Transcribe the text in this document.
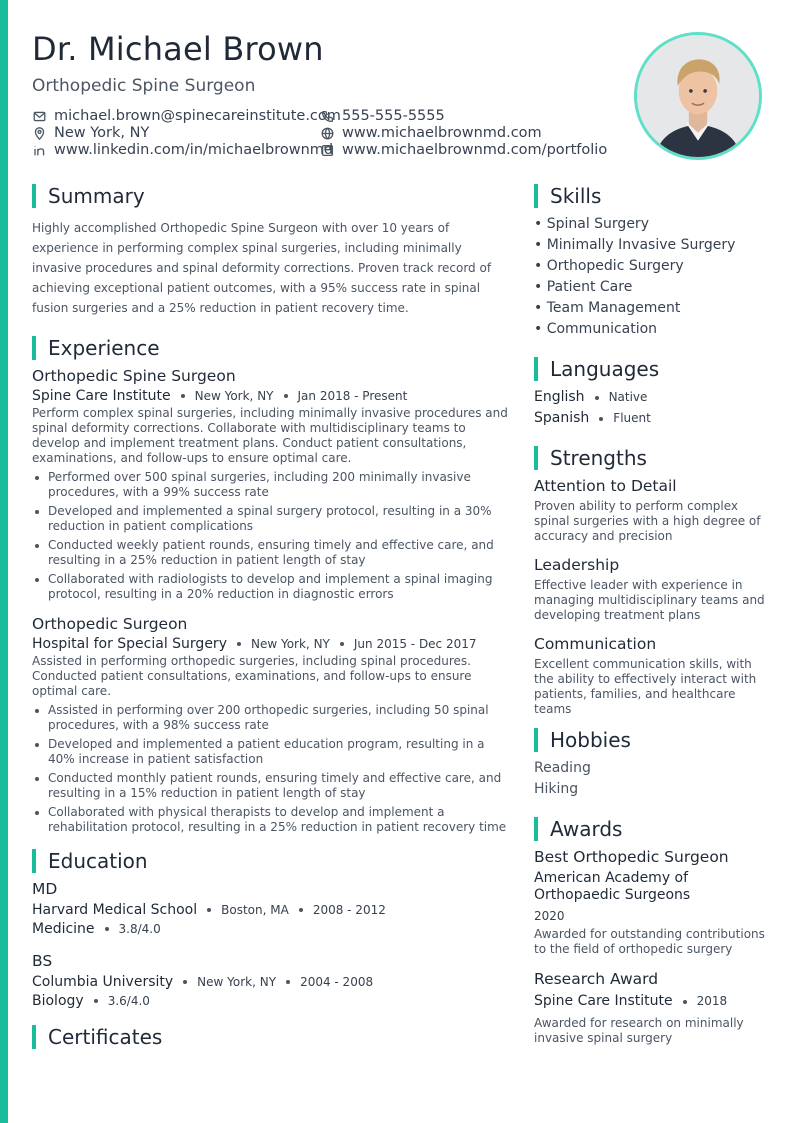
Dr. Michael Brown
Orthopedic Spine Surgeon
michael.brown@spinecareinstitute.com 555-555-5555
New York, NY	www.michaelbrownmd.com
www.linkedin.com/in/michaelbrownmd www.michaelbrownmd.com/portfolio
Summary

Highly accomplished Orthopedic Spine Surgeon with over 10 years of experience in performing complex spinal surgeries, including minimally invasive procedures and spinal deformity corrections. Proven track record of achieving exceptional patient outcomes, with a 95% success rate in spinal fusion surgeries and a 25% reduction in patient recovery time.

Experience
Orthopedic Spine Surgeon
Spine Care Institute New York, NY Jan 2018 - Present

Perform complex spinal surgeries, including minimally invasive procedures and spinal deformity corrections. Collaborate with multidisciplinary teams to develop and implement treatment plans. Conduct patient consultations, examinations, and follow-ups to ensure optimal care.

Performed over 500 spinal surgeries, including 200 minimally invasive procedures, with a 99% success rate
Developed and implemented a spinal surgery protocol, resulting in a 30% reduction in patient complications
Conducted weekly patient rounds, ensuring timely and effective care, and resulting in a 25% reduction in patient length of stay
Collaborated with radiologists to develop and implement a spinal imaging protocol, resulting in a 20% reduction in diagnostic errors
Orthopedic Surgeon
Hospital for Special Surgery New York, NY Jun 2015 - Dec 2017

Assisted in performing orthopedic surgeries, including spinal procedures. Conducted patient consultations, examinations, and follow-ups to ensure optimal care.

Assisted in performing over 200 orthopedic surgeries, including 50 spinal procedures, with a 98% success rate
Developed and implemented a patient education program, resulting in a 40% increase in patient satisfaction
Conducted monthly patient rounds, ensuring timely and effective care, and resulting in a 15% reduction in patient length of stay
Collaborated with physical therapists to develop and implement a rehabilitation protocol, resulting in a 25% reduction in patient recovery time
Education
MD
Harvard Medical School Boston, MA 2008 - 2012
Medicine 3.8/4.0
BS
Columbia University New York, NY 2004 - 2008
Biology 3.6/4.0
Certificates
Skills
• Spinal Surgery
• Minimally Invasive Surgery
• Orthopedic Surgery
• Patient Care
• Team Management
• Communication
Languages
English Native
Spanish Fluent
Strengths
Attention to Detail
Proven ability to perform complex spinal surgeries with a high degree of accuracy and precision
Leadership
Effective leader with experience in managing multidisciplinary teams and developing treatment plans
Communication
Excellent communication skills, with the ability to effectively interact with patients, families, and healthcare teams
Hobbies
Reading
Hiking
Awards
Best Orthopedic Surgeon
American Academy of Orthopaedic Surgeons
2020
Awarded for outstanding contributions to the field of orthopedic surgery
Research Award
Spine Care Institute 2018
Awarded for research on minimally invasive spinal surgery
